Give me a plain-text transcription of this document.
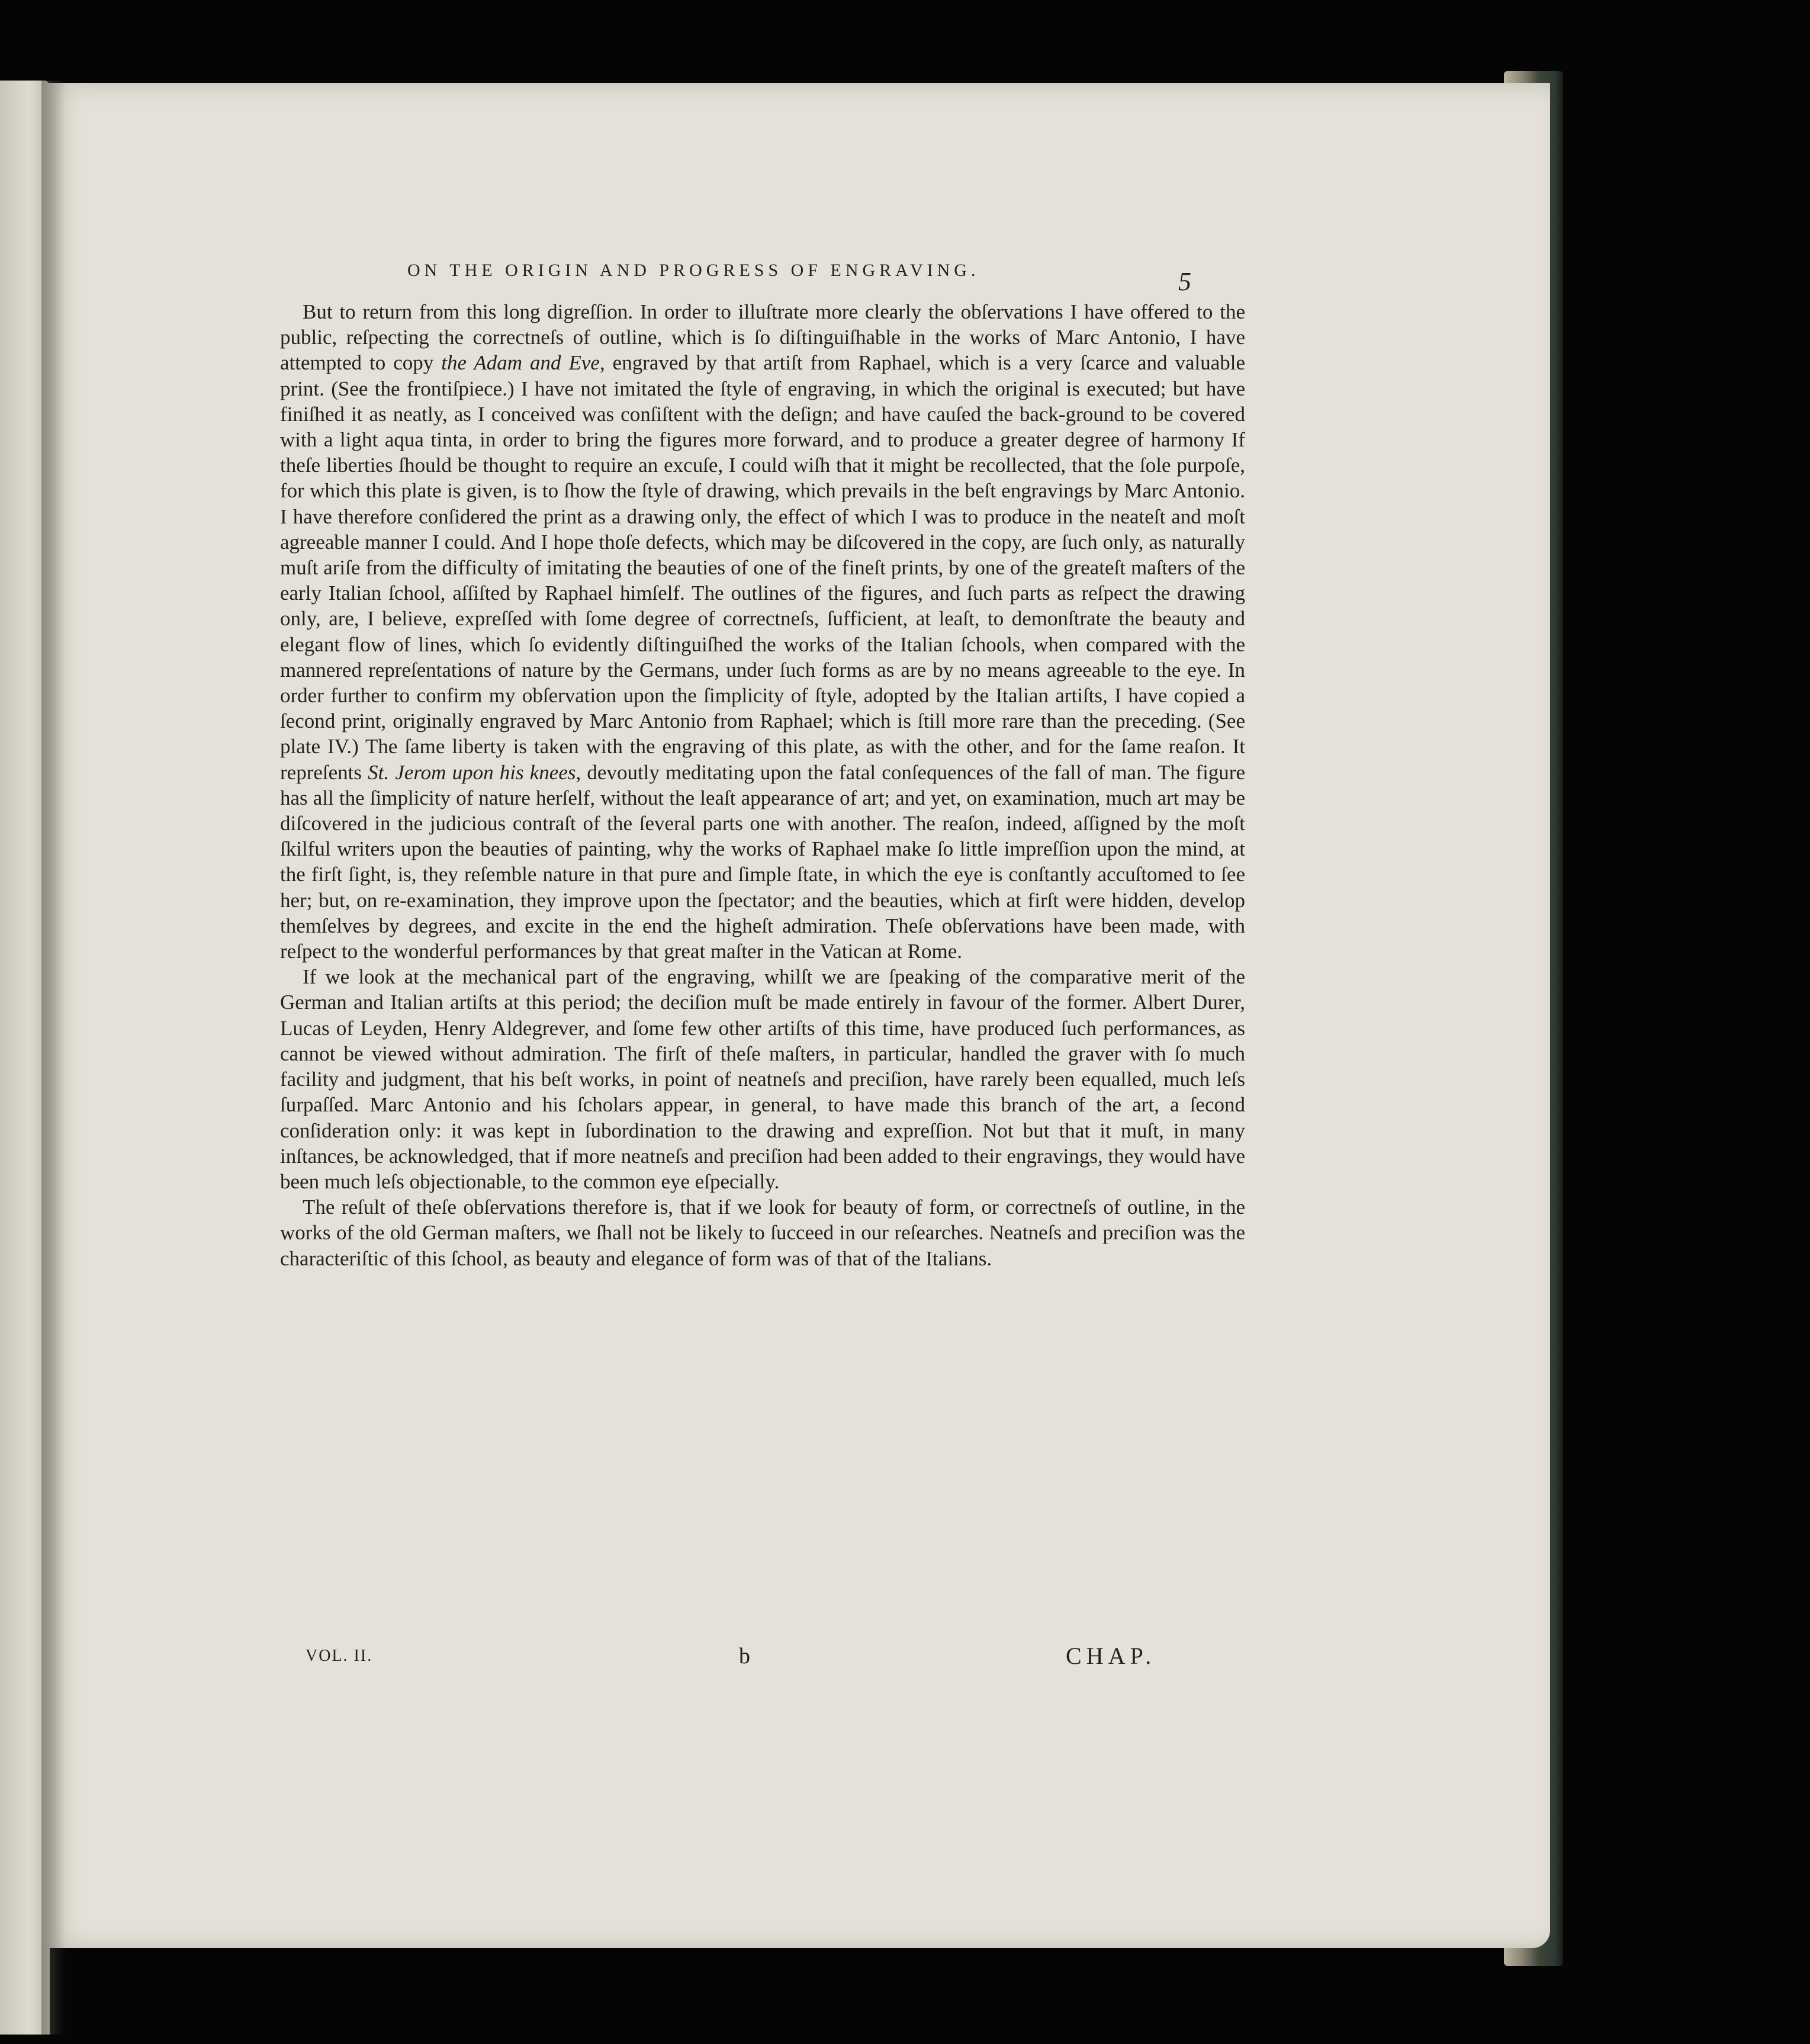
ON THE ORIGIN AND PROGRESS OF ENGRAVING.	5

But to return from this long digreſſion. In order to illuſtrate more clearly the obſervations I have offered to the public, reſpecting the correctneſs of outline, which is ſo diſtinguiſhable in the works of Marc Antonio, I have attempted to copy the Adam and Eve, engraved by that artiſt from Raphael, which is a very ſcarce and valuable print. (See the frontiſpiece.) I have not imitated the ſtyle of engraving, in which the original is executed; but have finiſhed it as neatly, as I conceived was conſiſtent with the deſign; and have cauſed the back-ground to be covered with a light aqua tinta, in order to bring the figures more forward, and to produce a greater degree of harmony If theſe liberties ſhould be thought to require an excuſe, I could wiſh that it might be recollected, that the ſole purpoſe, for which this plate is given, is to ſhow the ſtyle of drawing, which prevails in the beſt engravings by Marc Antonio. I have therefore conſidered the print as a drawing only, the effect of which I was to produce in the neateſt and moſt agreeable manner I could. And I hope thoſe defects, which may be diſcovered in the copy, are ſuch only, as naturally muſt ariſe from the difficulty of imitating the beauties of one of the fineſt prints, by one of the greateſt maſters of the early Italian ſchool, aſſiſted by Raphael himſelf. The outlines of the figures, and ſuch parts as reſpect the drawing only, are, I believe, expreſſed with ſome degree of correctneſs, ſufficient, at leaſt, to demonſtrate the beauty and elegant flow of lines, which ſo evidently diſtinguiſhed the works of the Italian ſchools, when compared with the mannered repreſentations of nature by the Germans, under ſuch forms as are by no means agreeable to the eye. In order further to confirm my obſervation upon the ſimplicity of ſtyle, adopted by the Italian artiſts, I have copied a ſecond print, originally engraved by Marc Antonio from Raphael; which is ſtill more rare than the preceding. (See plate IV.) The ſame liberty is taken with the engraving of this plate, as with the other, and for the ſame reaſon. It repreſents St. Jerom upon his knees, devoutly meditating upon the fatal conſequences of the fall of man. The figure has all the ſimplicity of nature herſelf, without the leaſt appearance of art; and yet, on examination, much art may be diſcovered in the judicious contraſt of the ſeveral parts one with another. The reaſon, indeed, aſſigned by the moſt ſkilful writers upon the beauties of painting, why the works of Raphael make ſo little impreſſion upon the mind, at the firſt ſight, is, they reſemble nature in that pure and ſimple ſtate, in which the eye is conſtantly accuſtomed to ſee her; but, on re-examination, they improve upon the ſpectator; and the beauties, which at firſt were hidden, develop themſelves by degrees, and excite in the end the higheſt admiration. Theſe obſervations have been made, with reſpect to the wonderful performances by that great maſter in the Vatican at Rome.

If we look at the mechanical part of the engraving, whilſt we are ſpeaking of the comparative merit of the German and Italian artiſts at this period; the deciſion muſt be made entirely in favour of the former. Albert Durer, Lucas of Leyden, Henry Aldegrever, and ſome few other artiſts of this time, have produced ſuch performances, as cannot be viewed without admiration. The firſt of theſe maſters, in particular, handled the graver with ſo much facility and judgment, that his beſt works, in point of neatneſs and preciſion, have rarely been equalled, much leſs ſurpaſſed. Marc Antonio and his ſcholars appear, in general, to have made this branch of the art, a ſecond conſideration only: it was kept in ſubordination to the drawing and expreſſion. Not but that it muſt, in many inſtances, be acknowledged, that if more neatneſs and preciſion had been added to their engravings, they would have been much leſs objectionable, to the common eye eſpecially.

The reſult of theſe obſervations therefore is, that if we look for beauty of form, or correctneſs of outline, in the works of the old German maſters, we ſhall not be likely to ſucceed in our reſearches. Neatneſs and preciſion was the characteriſtic of this ſchool, as beauty and elegance of form was of that of the Italians.

VOL. II.	b	CHAP.
